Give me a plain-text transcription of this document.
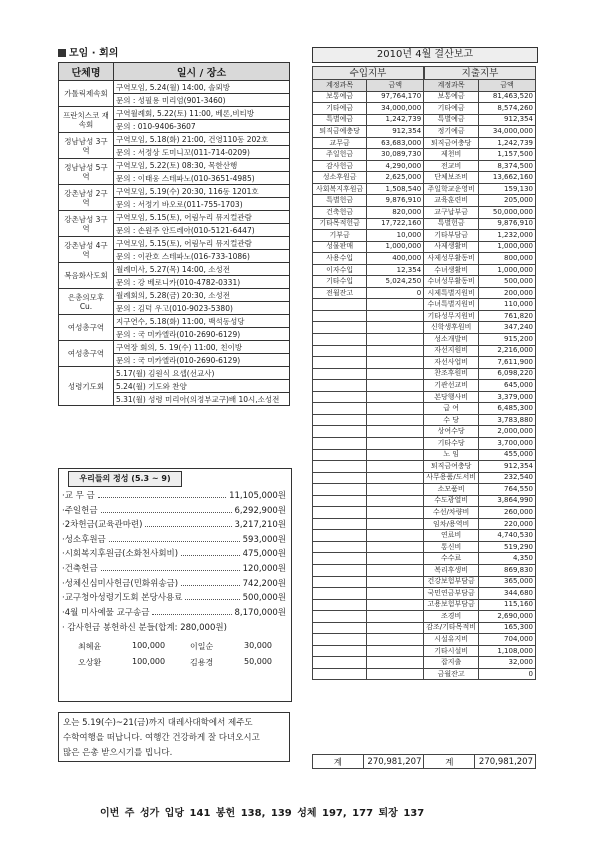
모임 · 회의
단체명	일시 / 장소
가톨릭제속회	구역모임, 5.24(월) 14:00, 솔뫼방
	문의 : 성필용 미리엄(901-3460)
프란치스코 재속회	구역월례회, 5.22(토) 11:00, 베론,비티방
	문의 : 010-9406-3607
정남남성 3구역	구역모임, 5.18(화) 21:00, 건영110동 202호
	문의 : 서정상 도미니꼬(011-714-0209)
정남남성 5구역	구역모임, 5.22(토) 08:30, 목한산행
	문의 : 이태웅 스테파노(010-3651-4985)
강촌남성 2구역	구역모임, 5.19(수) 20:30, 116동 1201호
	문의 : 서정기 바오로(011-755-1703)
강촌남성 3구역	구역모임, 5.15(토), 어림누리 뮤지컬관람
	문의 : 손원주 안드레아(010-5121-6447)
강촌남성 4구역	구역모임, 5.15(토), 어림누리 뮤지컬관람
	문의 : 이관호 스테파노(016-733-1086)
복음화사도회	월례미사, 5.27(목) 14:00, 소성전
	문의 : 강 베로니카(010-4782-0331)
은총의모후 Cu.	월례회의, 5.28(금) 20:30, 소성전
	문의 : 김덕 우고(010-9023-5380)
여성총구역	지구연수, 5.18(화) 11:00, 백석동성당
	문의 : 국 미카엘라(010-2690-6129)
여성총구역	구역장 회의, 5. 19(수) 11:00, 친이방
	문의 : 국 미카엘라(010-2690-6129)
성령기도회	5.17(월) 김원식 요셉(선교사)
	5.24(월) 기도와 찬양
	5.31(월) 성령 미리아(의정부교구)배 10시,소성전
우리들의 정성 (5.3 ~ 9)
· 교 무 금	11,105,000원
· 주일헌금	6,292,900원
· 2차헌금(교육관마련)	3,217,210원
· 성소후원금	593,000원
· 시회복지후원금(소화천사회비)	475,000원
· 건축헌금	120,000원
· 성체신심미사헌금(민화위송금)	742,200원
· 교구청아성령기도회 본당사용료	500,000원
· 4월 미사예물 교구송금	8,170,000원
· 감사헌금 봉헌하신 분들(합계: 280,000원)
최혜윤	100,000	이일순	30,000
오상환	100,000	김용경	50,000
오는 5.19(수)~21(금)까지 대레사대학에서 제주도
수학여행을 떠납니다. 여행간 건강하게 잘 다녀오시고
많은 은총 받으시기를 빕니다.
2010년 4월 결산보고
수입지부	지출지부
계정과목	금액	계정과목	금액
보통예금	97,764,170	보통예금	81,463,520
기타예금	34,000,000	기타예금	8,574,260
특별예금	1,242,739	특별예금	912,354
퇴직금예충당	912,354	정기예금	34,000,000
교무금	63,683,000	퇴직금여충당	1,242,739
주일헌금	30,089,730	제천비	1,157,500
감사헌금	4,290,000	전교비	8,374,500
성소후원금	2,625,000	단체보조비	13,662,160
사회복지후원금	1,508,540	주일학교운영비	159,130
특별헌금	9,876,910	교육훈련비	205,000
건축헌금	820,000	교구납부금	50,000,000
기타목적헌금	17,722,160	특별헌금	9,876,910
기부금	10,000	기타부담금	1,232,000
성물판매	1,000,000	사제생활비	1,000,000
사용수입	400,000	사제성무활동비	800,000
이자수입	12,354	수녀생활비	1,000,000
기타수입	5,024,250	수녀성무활동비	500,000
전월잔고	0	시제특별지원비	200,000
		수녀특별지원비	110,000
		기타성무지원비	761,820
		신학생후원비	347,240
		성소개발비	915,200
		자선지원비	2,216,000
		자선사업비	7,611,900
		찬조후원비	6,098,220
		기관선교비	645,000
		본당행사비	3,379,000
		급 여	6,485,300
		수 당	3,783,880
		상여수당	2,000,000
		기타수당	3,700,000
		노 임	455,000
		퇴직금여충당	912,354
		사무용품/도서비	232,540
		소모품비	764,550
		수도광열비	3,864,990
		수선/차량비	260,000
		임차/용역비	220,000
		연료비	4,740,530
		통신비	519,290
		수수료	4,350
		복리후생비	869,830
		건강보험부담금	365,000
		국민연금부담금	344,680
		고용보험부담금	115,160
		조경비	2,690,000
		감조/기타목적비	165,300
		시설유지비	704,000
		기타시설비	1,108,000
		잡지출	32,000
		금월잔고	0
계	270,981,207	계	270,981,207
이번 주 성가 입당 141 봉헌 138, 139 성체 197, 177 퇴장 137
